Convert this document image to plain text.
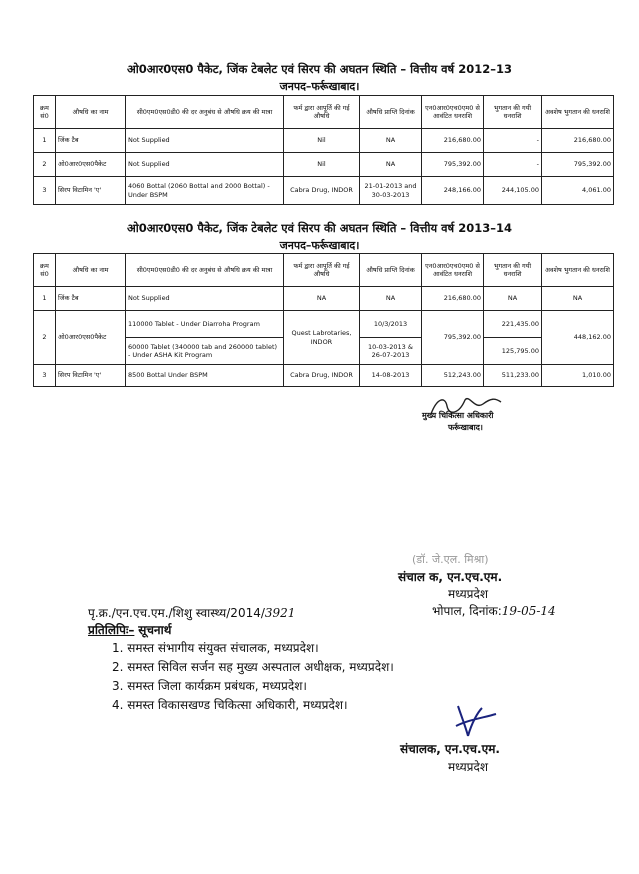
ओ0आर0एस0 पैकेट, जिंक टेबलेट एवं सिरप की अघतन स्थिति – वित्तीय वर्ष 2012–13
जनपद–फर्रूखाबाद।
क्रम सं0	औषधि का नाम	सी0एम0एस0डी0 की दर अनुबंध से औषधि क्रय की मात्रा	फर्म द्वारा आपूर्ति की गई औषधि	औषधि प्राप्ति दिनांक	एन0आर0एच0एम0 से आवंटित धनराशि	भुगतान की गयी धनराशि	अवशेष भुगतान की धनराशि
1	जिंक टैब	Not Supplied	Nil	NA	216,680.00	-	216,680.00
2	ओ0आर0एस0पैकेट	Not Supplied	Nil	NA	795,392.00	-	795,392.00
3	सिरप विटामिन 'ए'	4060 Bottal (2060 Bottal and 2000 Bottal) - Under BSPM	Cabra Drug, INDOR	21-01-2013 and 30-03-2013	248,166.00	244,105.00	4,061.00
ओ0आर0एस0 पैकेट, जिंक टेबलेट एवं सिरप की अघतन स्थिति – वित्तीय वर्ष 2013–14
जनपद–फर्रूखाबाद।
क्रम सं0	औषधि का नाम	सी0एम0एस0डी0 की दर अनुबंध से औषधि क्रय की मात्रा	फर्म द्वारा आपूर्ति की गई औषधि	औषधि प्राप्ति दिनांक	एन0आर0एच0एम0 से आवंटित धनराशि	भुगतान की गयी धनराशि	अवशेष भुगतान की धनराशि
1	जिंक टैब	Not Supplied	NA	NA	216,680.00	NA	NA
2	ओ0आर0एस0पैकेट	110000 Tablet - Under Diarroha Program	Quest Labrotaries, INDOR	10/3/2013	795,392.00	221,435.00	448,162.00
		60000 Tablet (340000 tab and 260000 tablet) - Under ASHA Kit Program		10-03-2013 & 26-07-2013		125,795.00	
3	सिरप विटामिन 'ए'	8500 Bottal Under BSPM	Cabra Drug, INDOR	14-08-2013	512,243.00	511,233.00	1,010.00
मुख्य चिकित्सा अधिकारी
फर्रूखाबाद।
(डॉ. जे.एल. मिश्रा)
संचाल क, एन.एच.एम.
मध्यप्रदेश
भोपाल, दिनांक:19-05-14
पृ.क्र./एन.एच.एम./शिशु स्वास्थ्य/2014/3921
प्रतिलिपिः– सूचनार्थ
1. समस्त संभागीय संयुक्त संचालक, मध्यप्रदेश।
2. समस्त सिविल सर्जन सह मुख्य अस्पताल अधीक्षक, मध्यप्रदेश।
3. समस्त जिला कार्यक्रम प्रबंधक, मध्यप्रदेश।
4. समस्त विकासखण्ड चिकित्सा अधिकारी, मध्यप्रदेश।
संचालक, एन.एच.एम.
मध्यप्रदेश
